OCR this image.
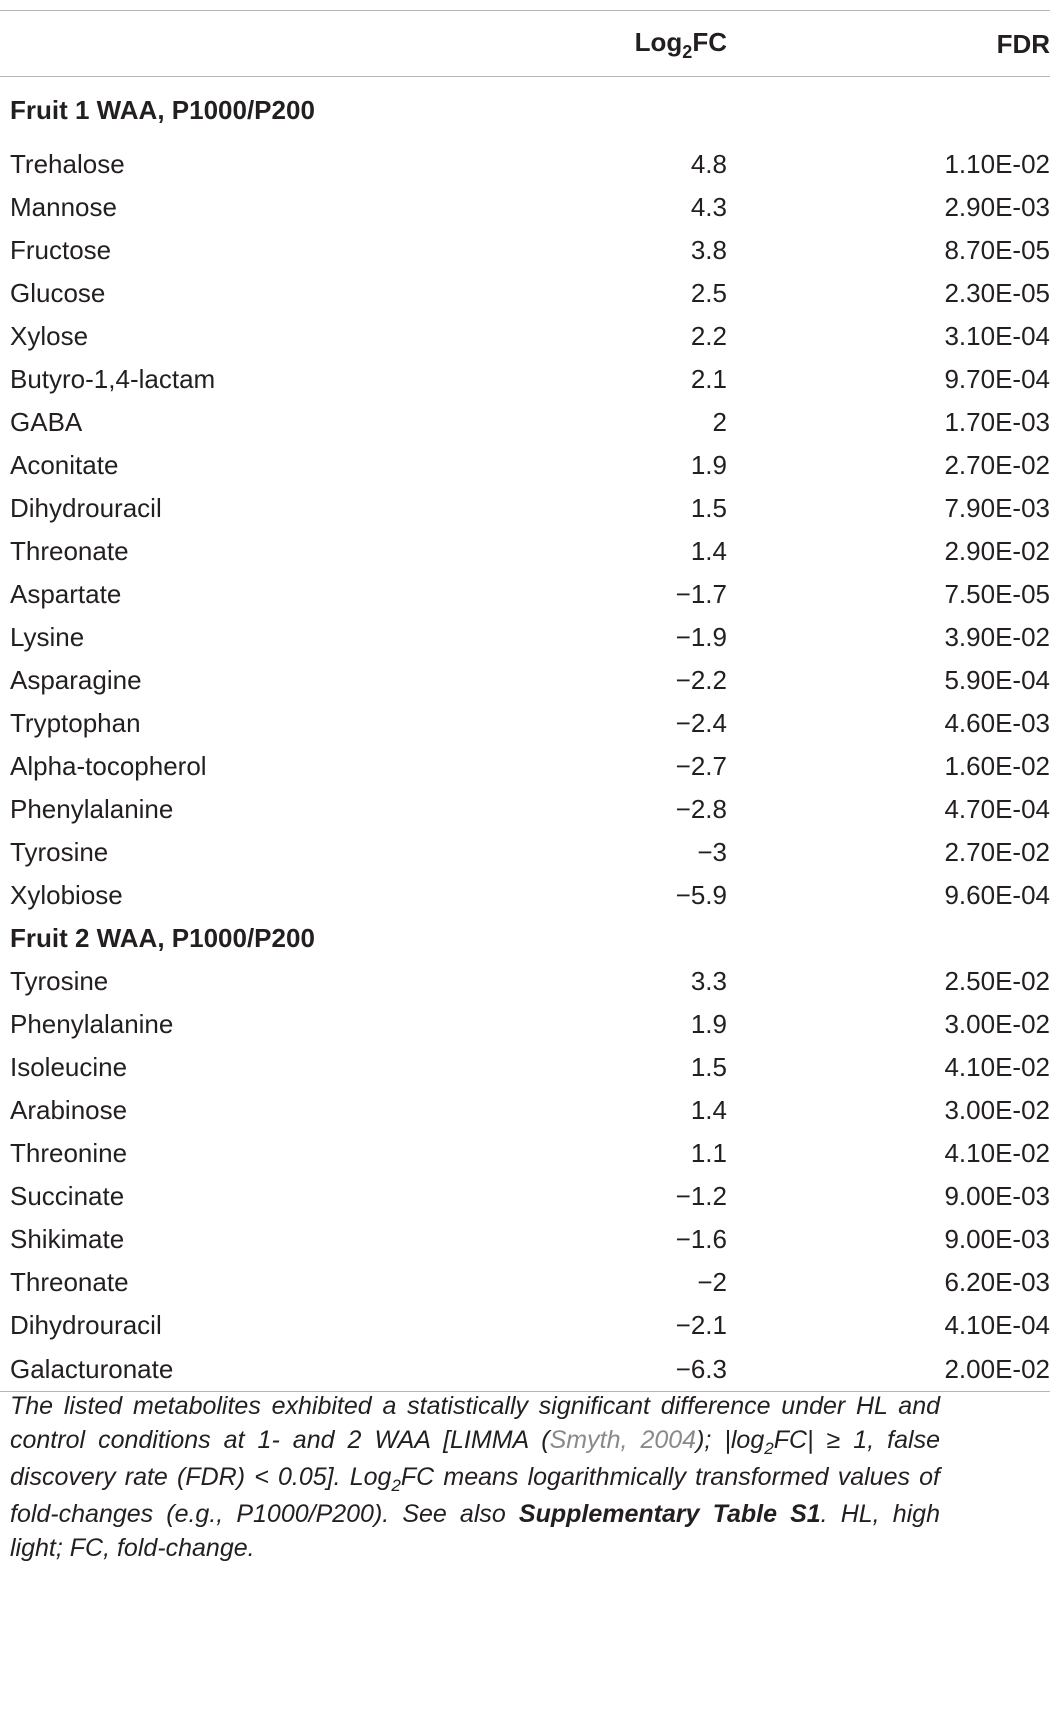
	Log$_2$FC	FDR
Fruit 1 WAA, P1000/P200		
Trehalose	4.8	1.10E-02
Mannose	4.3	2.90E-03
Fructose	3.8	8.70E-05
Glucose	2.5	2.30E-05
Xylose	2.2	3.10E-04
Butyro-1,4-lactam	2.1	9.70E-04
GABA	2	1.70E-03
Aconitate	1.9	2.70E-02
Dihydrouracil	1.5	7.90E-03
Threonate	1.4	2.90E-02
Aspartate	−1.7	7.50E-05
Lysine	−1.9	3.90E-02
Asparagine	−2.2	5.90E-04
Tryptophan	−2.4	4.60E-03
Alpha-tocopherol	−2.7	1.60E-02
Phenylalanine	−2.8	4.70E-04
Tyrosine	−3	2.70E-02
Xylobiose	−5.9	9.60E-04
Fruit 2 WAA, P1000/P200		
Tyrosine	3.3	2.50E-02
Phenylalanine	1.9	3.00E-02
Isoleucine	1.5	4.10E-02
Arabinose	1.4	3.00E-02
Threonine	1.1	4.10E-02
Succinate	−1.2	9.00E-03
Shikimate	−1.6	9.00E-03
Threonate	−2	6.20E-03
Dihydrouracil	−2.1	4.10E-04
Galacturonate	−6.3	2.00E-02
The listed metabolites exhibited a statistically significant difference under HL and control conditions at 1- and 2 WAA [LIMMA (Smyth, 2004); $|\log_2FC| \ge 1$, false discovery rate (FDR) < 0.05]. Log$_2$FC means logarithmically transformed values of fold-changes (e.g., P1000/P200). See also Supplementary Table S1. HL, high light; FC, fold-change.
